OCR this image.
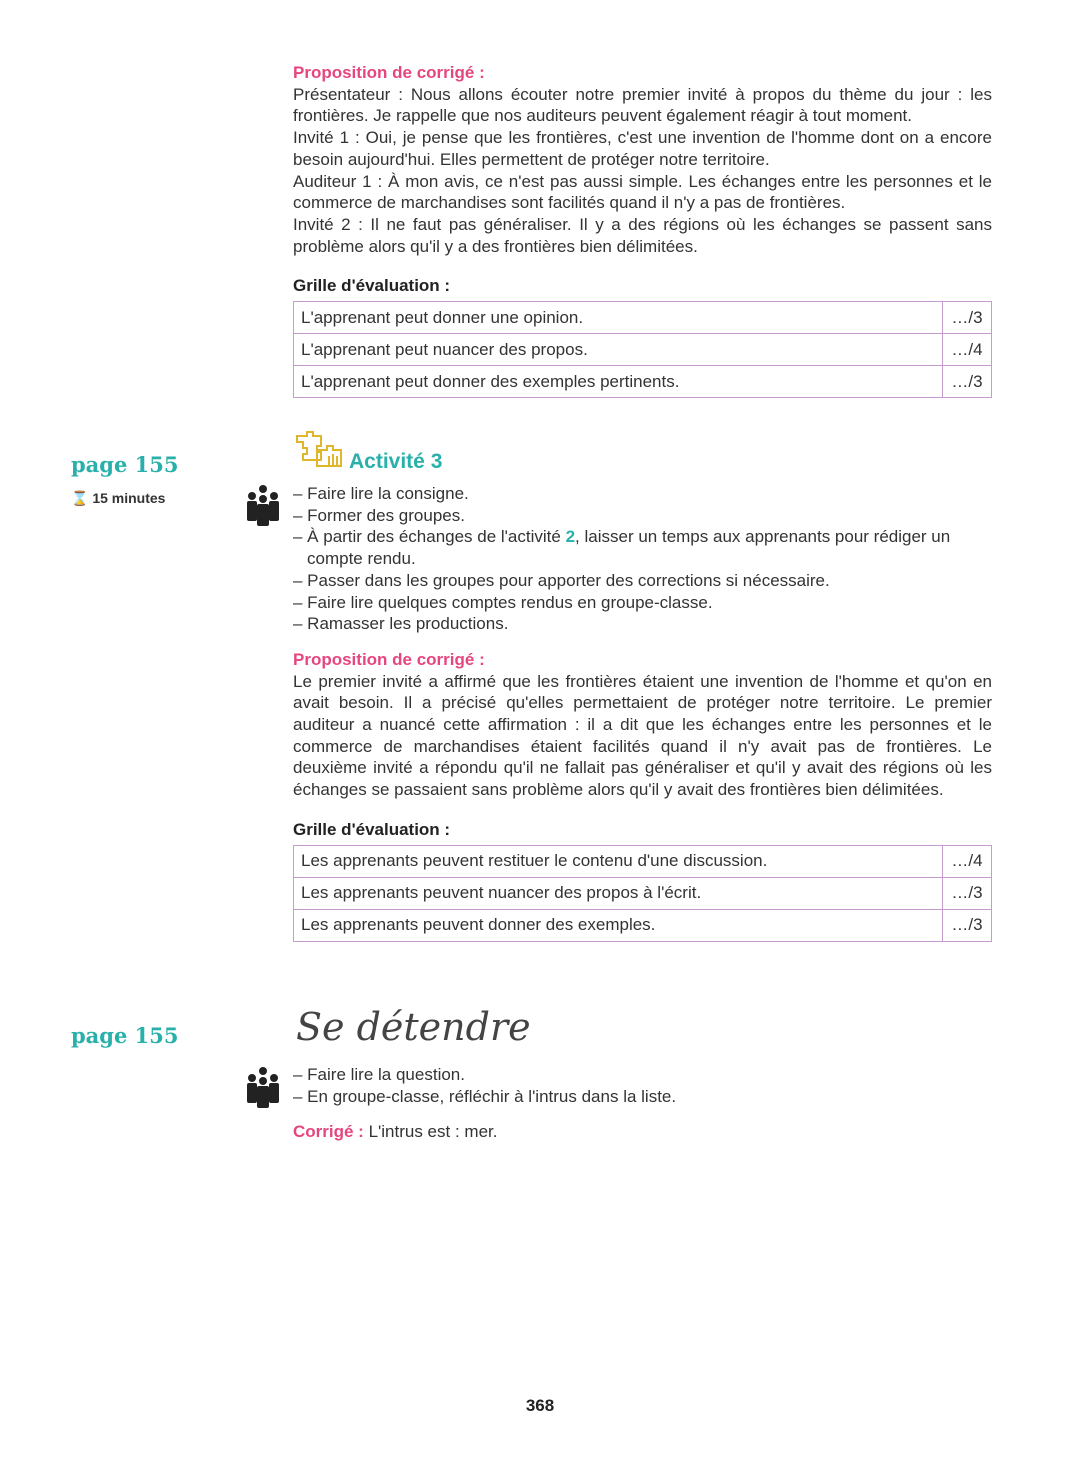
Proposition de corrigé :
Présentateur : Nous allons écouter notre premier invité à propos du thème du jour : les frontières. Je rappelle que nos auditeurs peuvent également réagir à tout moment.
Invité 1 : Oui, je pense que les frontières, c'est une invention de l'homme dont on a encore besoin aujourd'hui. Elles permettent de protéger notre territoire.
Auditeur 1 : À mon avis, ce n'est pas aussi simple. Les échanges entre les personnes et le commerce de marchandises sont facilités quand il n'y a pas de frontières.
Invité 2 : Il ne faut pas généraliser. Il y a des régions où les échanges se passent sans problème alors qu'il y a des frontières bien délimitées.
Grille d'évaluation :
L'apprenant peut donner une opinion.	…/3
L'apprenant peut nuancer des propos.	…/4
L'apprenant peut donner des exemples pertinents.	…/3
page 155
⌛ 15 minutes
Activité 3
– Faire lire la consigne.
– Former des groupes.
– À partir des échanges de l'activité 2, laisser un temps aux apprenants pour rédiger un compte rendu.
– Passer dans les groupes pour apporter des corrections si nécessaire.
– Faire lire quelques comptes rendus en groupe-classe.
– Ramasser les productions.
Proposition de corrigé :
Le premier invité a affirmé que les frontières étaient une invention de l'homme et qu'on en avait besoin. Il a précisé qu'elles permettaient de protéger notre territoire. Le premier auditeur a nuancé cette affirmation : il a dit que les échanges entre les personnes et le commerce de marchandises étaient facilités quand il n'y avait pas de frontières. Le deuxième invité a répondu qu'il ne fallait pas généraliser et qu'il y avait des régions où les échanges se passaient sans problème alors qu'il y avait des frontières bien délimitées.
Grille d'évaluation :
Les apprenants peuvent restituer le contenu d'une discussion.	…/4
Les apprenants peuvent nuancer des propos à l'écrit.	…/3
Les apprenants peuvent donner des exemples.	…/3
page 155	Se détendre
– Faire lire la question.
– En groupe-classe, réfléchir à l'intrus dans la liste.
Corrigé : L'intrus est : mer.
368
